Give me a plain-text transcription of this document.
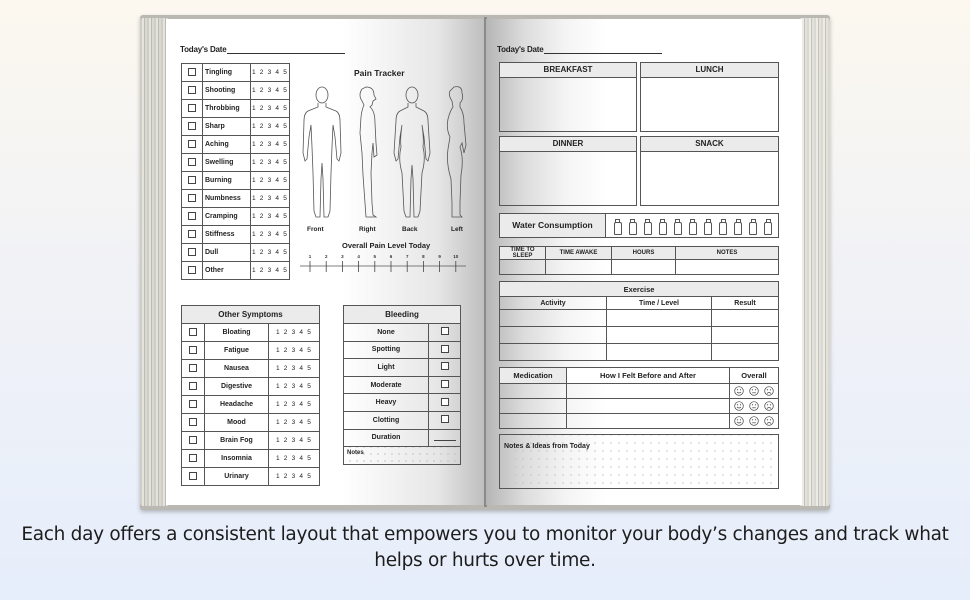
Today's Date
	Tingling	1 2 3 4 5
	Shooting	1 2 3 4 5
	Throbbing	1 2 3 4 5
	Sharp	1 2 3 4 5
	Aching	1 2 3 4 5
	Swelling	1 2 3 4 5
	Burning	1 2 3 4 5
	Numbness	1 2 3 4 5
	Cramping	1 2 3 4 5
	Stiffness	1 2 3 4 5
	Dull	1 2 3 4 5
	Other	1 2 3 4 5
Pain Tracker
Front	Right	Back	Left
Overall Pain Level Today
1	2	3	4	5	6	7	8	9	10
Other Symptoms		
	Bloating	1 2 3 4 5
	Fatigue	1 2 3 4 5
	Nausea	1 2 3 4 5
	Digestive	1 2 3 4 5
	Headache	1 2 3 4 5
	Mood	1 2 3 4 5
	Brain Fog	1 2 3 4 5
	Insomnia	1 2 3 4 5
	Urinary	1 2 3 4 5
Bleeding	
None	
Spotting	
Light	
Moderate	
Heavy	
Clotting	
Duration	
Notes	
Today's Date
BREAKFAST	LUNCH
DINNER	SNACK
Water Consumption
TIME TO SLEEP	TIME AWAKE	HOURS	NOTES

Exercise		
Activity	Time / Level	Result

Medication	How I Felt Before and After	Overall

Notes & Ideas from Today
Each day offers a consistent layout that empowers you to monitor your body’s changes and track what helps or hurts over time.
